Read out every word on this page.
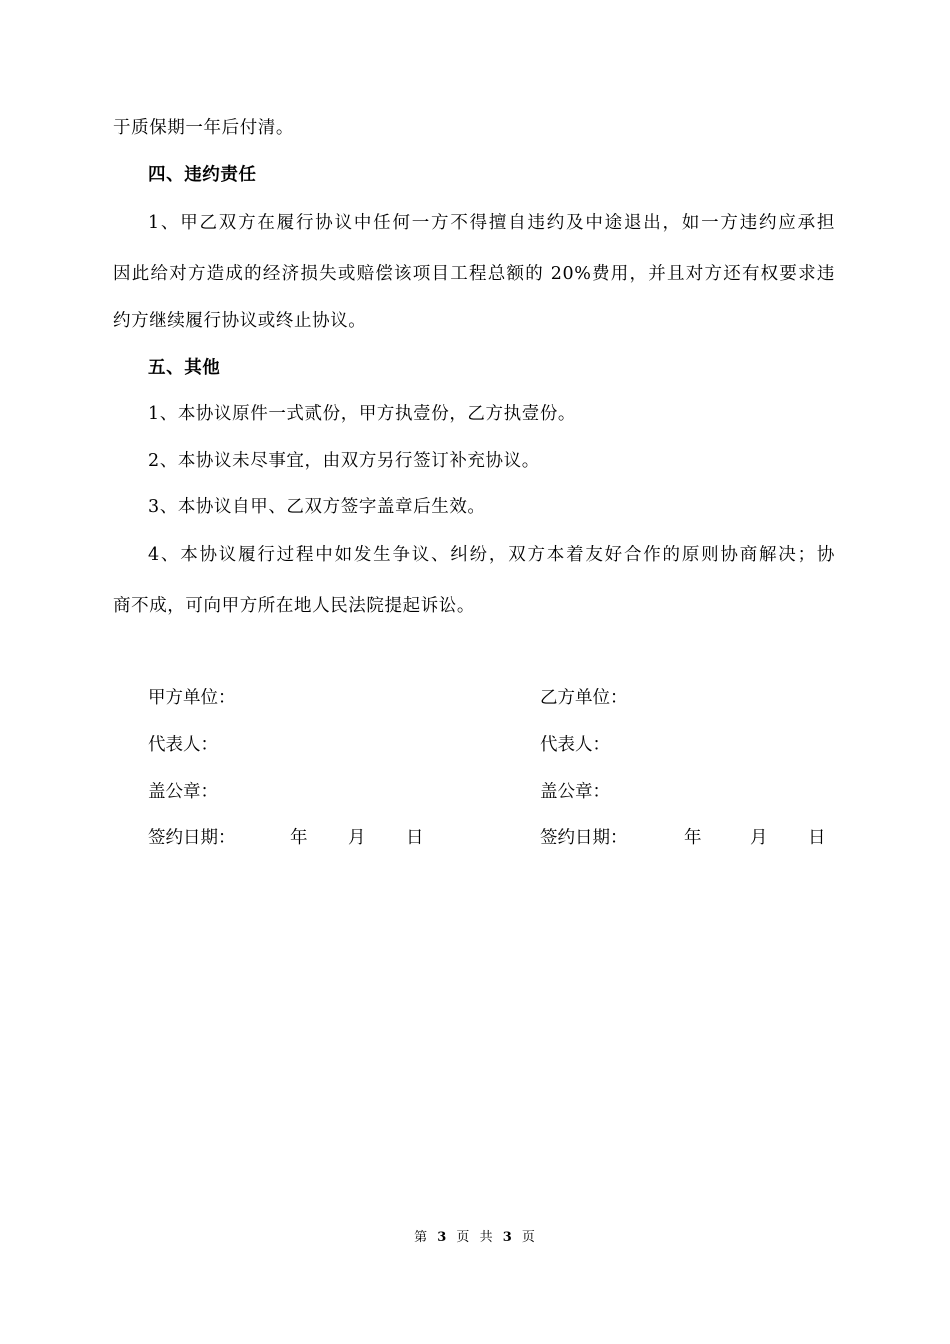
于质保期一年后付清。
四、违约责任
1、甲乙双方在履行协议中任何一方不得擅自违约及中途退出，如一方违约应承担
因此给对方造成的经济损失或赔偿该项目工程总额的 20%费用，并且对方还有权要求违
约方继续履行协议或终止协议。
五、其他
1、本协议原件一式贰份，甲方执壹份，乙方执壹份。
2、本协议未尽事宜，由双方另行签订补充协议。
3、本协议自甲、乙双方签字盖章后生效。
4、本协议履行过程中如发生争议、纠纷，双方本着友好合作的原则协商解决；协
商不成，可向甲方所在地人民法院提起诉讼。
甲方单位：
代表人：
盖公章：
签约日期：	年 月 日
乙方单位：
代表人：
盖公章：
签约日期：	年	月 日
第 3 页 共 3 页
